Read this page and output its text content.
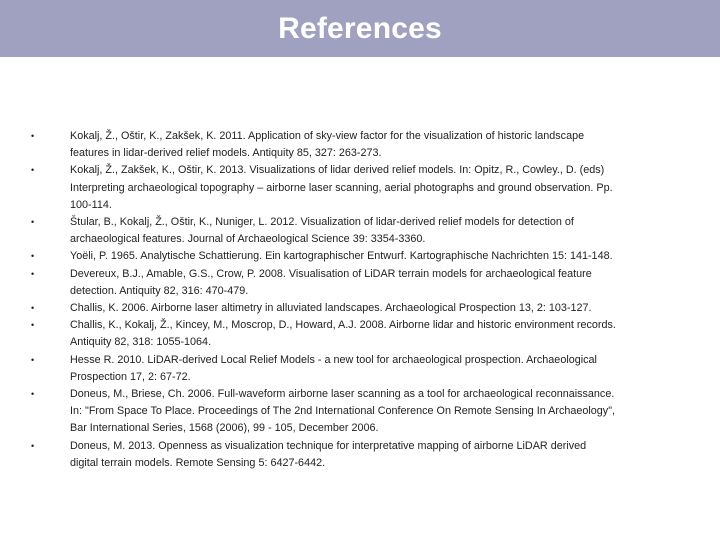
References
•	Kokalj, Ž., Oštir, K., Zakšek, K. 2011. Application of sky-view factor for the visualization of historic landscape
features in lidar-derived relief models. Antiquity 85, 327: 263-273.
•	Kokalj, Ž., Zakšek, K., Oštir, K. 2013. Visualizations of lidar derived relief models. In: Opitz, R., Cowley., D. (eds)
Interpreting archaeological topography – airborne laser scanning, aerial photographs and ground observation. Pp.
100-114.
•	Štular, B., Kokalj, Ž., Oštir, K., Nuniger, L. 2012. Visualization of lidar-derived relief models for detection of
archaeological features. Journal of Archaeological Science 39: 3354-3360.
•	Yoëli, P. 1965. Analytische Schattierung. Ein kartographischer Entwurf. Kartographische Nachrichten 15: 141-148.
•	Devereux, B.J., Amable, G.S., Crow, P. 2008. Visualisation of LiDAR terrain models for archaeological feature
detection. Antiquity 82, 316: 470-479.
•	Challis, K. 2006. Airborne laser altimetry in alluviated landscapes. Archaeological Prospection 13, 2: 103-127.
•	Challis, K., Kokalj, Ž., Kincey, M., Moscrop, D., Howard, A.J. 2008. Airborne lidar and historic environment records.
Antiquity 82, 318: 1055-1064.
•	Hesse R. 2010. LiDAR-derived Local Relief Models - a new tool for archaeological prospection. Archaeological
Prospection 17, 2: 67-72.
•	Doneus, M., Briese, Ch. 2006. Full-waveform airborne laser scanning as a tool for archaeological reconnaissance.
In: "From Space To Place. Proceedings of The 2nd International Conference On Remote Sensing In Archaeology",
Bar International Series, 1568 (2006), 99 - 105, December 2006.
•	Doneus, M. 2013. Openness as visualization technique for interpretative mapping of airborne LiDAR derived
digital terrain models. Remote Sensing 5: 6427-6442.
